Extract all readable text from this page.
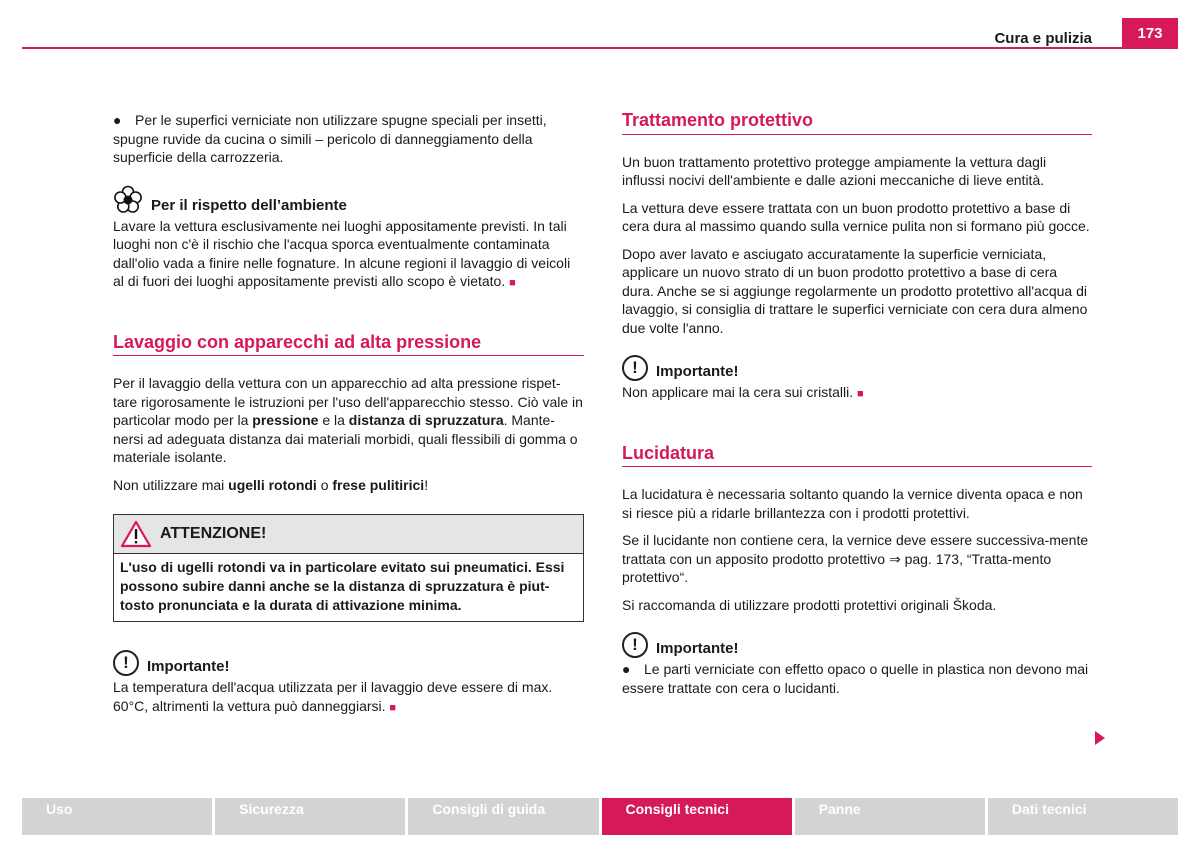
Cura e pulizia	173

● Per le superfici verniciate non utilizzare spugne speciali per insetti, spugne ruvide da cucina o simili – pericolo di danneggiamento della superficie della carrozzeria.

Per il rispetto dell’ambiente

Lavare la vettura esclusivamente nei luoghi appositamente previsti. In tali luoghi non c'è il rischio che l'acqua sporca eventualmente contaminata dall'olio vada a finire nelle fognature. In alcune regioni il lavaggio di veicoli al di fuori dei luoghi appositamente previsti allo scopo è vietato. ■

Lavaggio con apparecchi ad alta pressione

Per il lavaggio della vettura con un apparecchio ad alta pressione rispet-tare rigorosamente le istruzioni per l'uso dell'apparecchio stesso. Ciò vale in particolar modo per la pressione e la distanza di spruzzatura. Mante-nersi ad adeguata distanza dai materiali morbidi, quali flessibili di gomma o materiale isolante.

Non utilizzare mai ugelli rotondi o frese pulitirici!

ATTENZIONE!
L'uso di ugelli rotondi va in particolare evitato sui pneumatici. Essi possono subire danni anche se la distanza di spruzzatura è piut-tosto pronunciata e la durata di attivazione minima.
!	Importante!

La temperatura dell'acqua utilizzata per il lavaggio deve essere di max. 60°C, altrimenti la vettura può danneggiarsi. ■

Trattamento protettivo

Un buon trattamento protettivo protegge ampiamente la vettura dagli influssi nocivi dell'ambiente e dalle azioni meccaniche di lieve entità.

La vettura deve essere trattata con un buon prodotto protettivo a base di cera dura al massimo quando sulla vernice pulita non si formano più gocce.

Dopo aver lavato e asciugato accuratamente la superficie verniciata, applicare un nuovo strato di un buon prodotto protettivo a base di cera dura. Anche se si aggiunge regolarmente un prodotto protettivo all'acqua di lavaggio, si consiglia di trattare le superfici verniciate con cera dura almeno due volte l'anno.

!	Importante!

Non applicare mai la cera sui cristalli. ■

Lucidatura

La lucidatura è necessaria soltanto quando la vernice diventa opaca e non si riesce più a ridarle brillantezza con i prodotti protettivi.

Se il lucidante non contiene cera, la vernice deve essere successiva-mente trattata con un apposito prodotto protettivo ⇒ pag. 173, “Tratta-mento protettivo“.

Si raccomanda di utilizzare prodotti protettivi originali Škoda.

!	Importante!

● Le parti verniciate con effetto opaco o quelle in plastica non devono mai essere trattate con cera o lucidanti.

Uso	Sicurezza	Consigli di guida	Consigli tecnici	Panne	Dati tecnici
